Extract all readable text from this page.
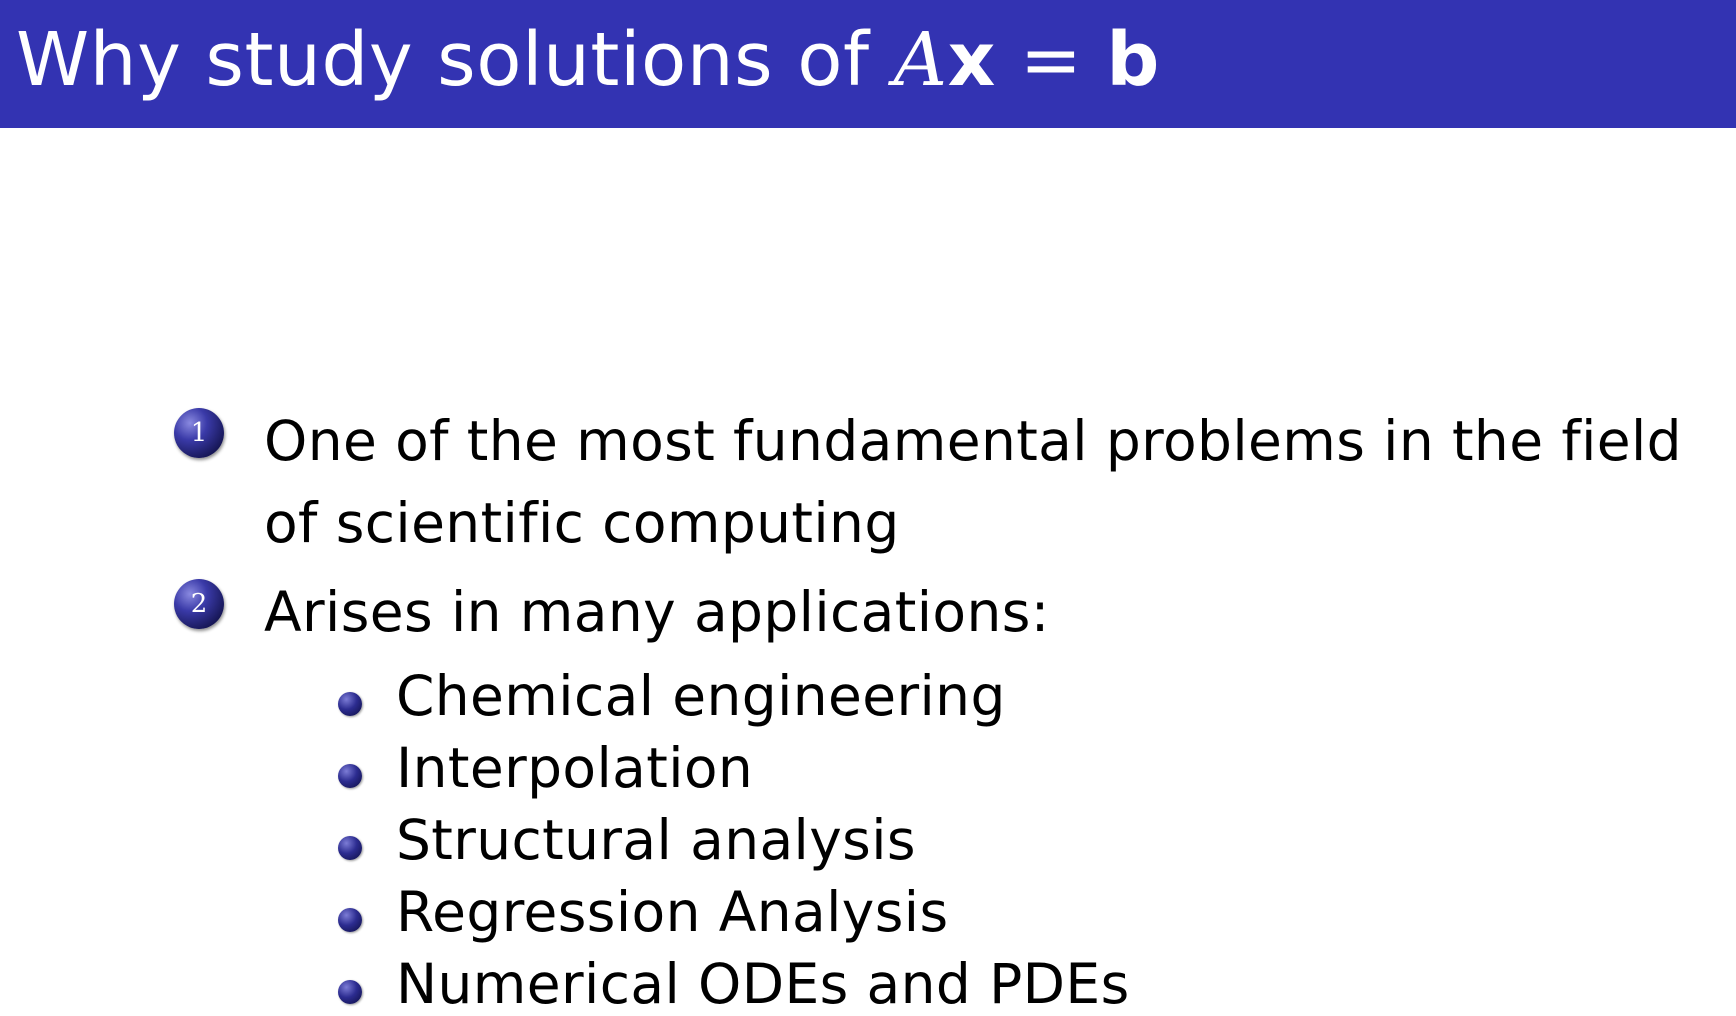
Why study solutions of Ax = b
1	One of the most fundamental problems in the field of scientific computing
2	Arises in many applications:
Chemical engineering
Interpolation
Structural analysis
Regression Analysis
Numerical ODEs and PDEs
